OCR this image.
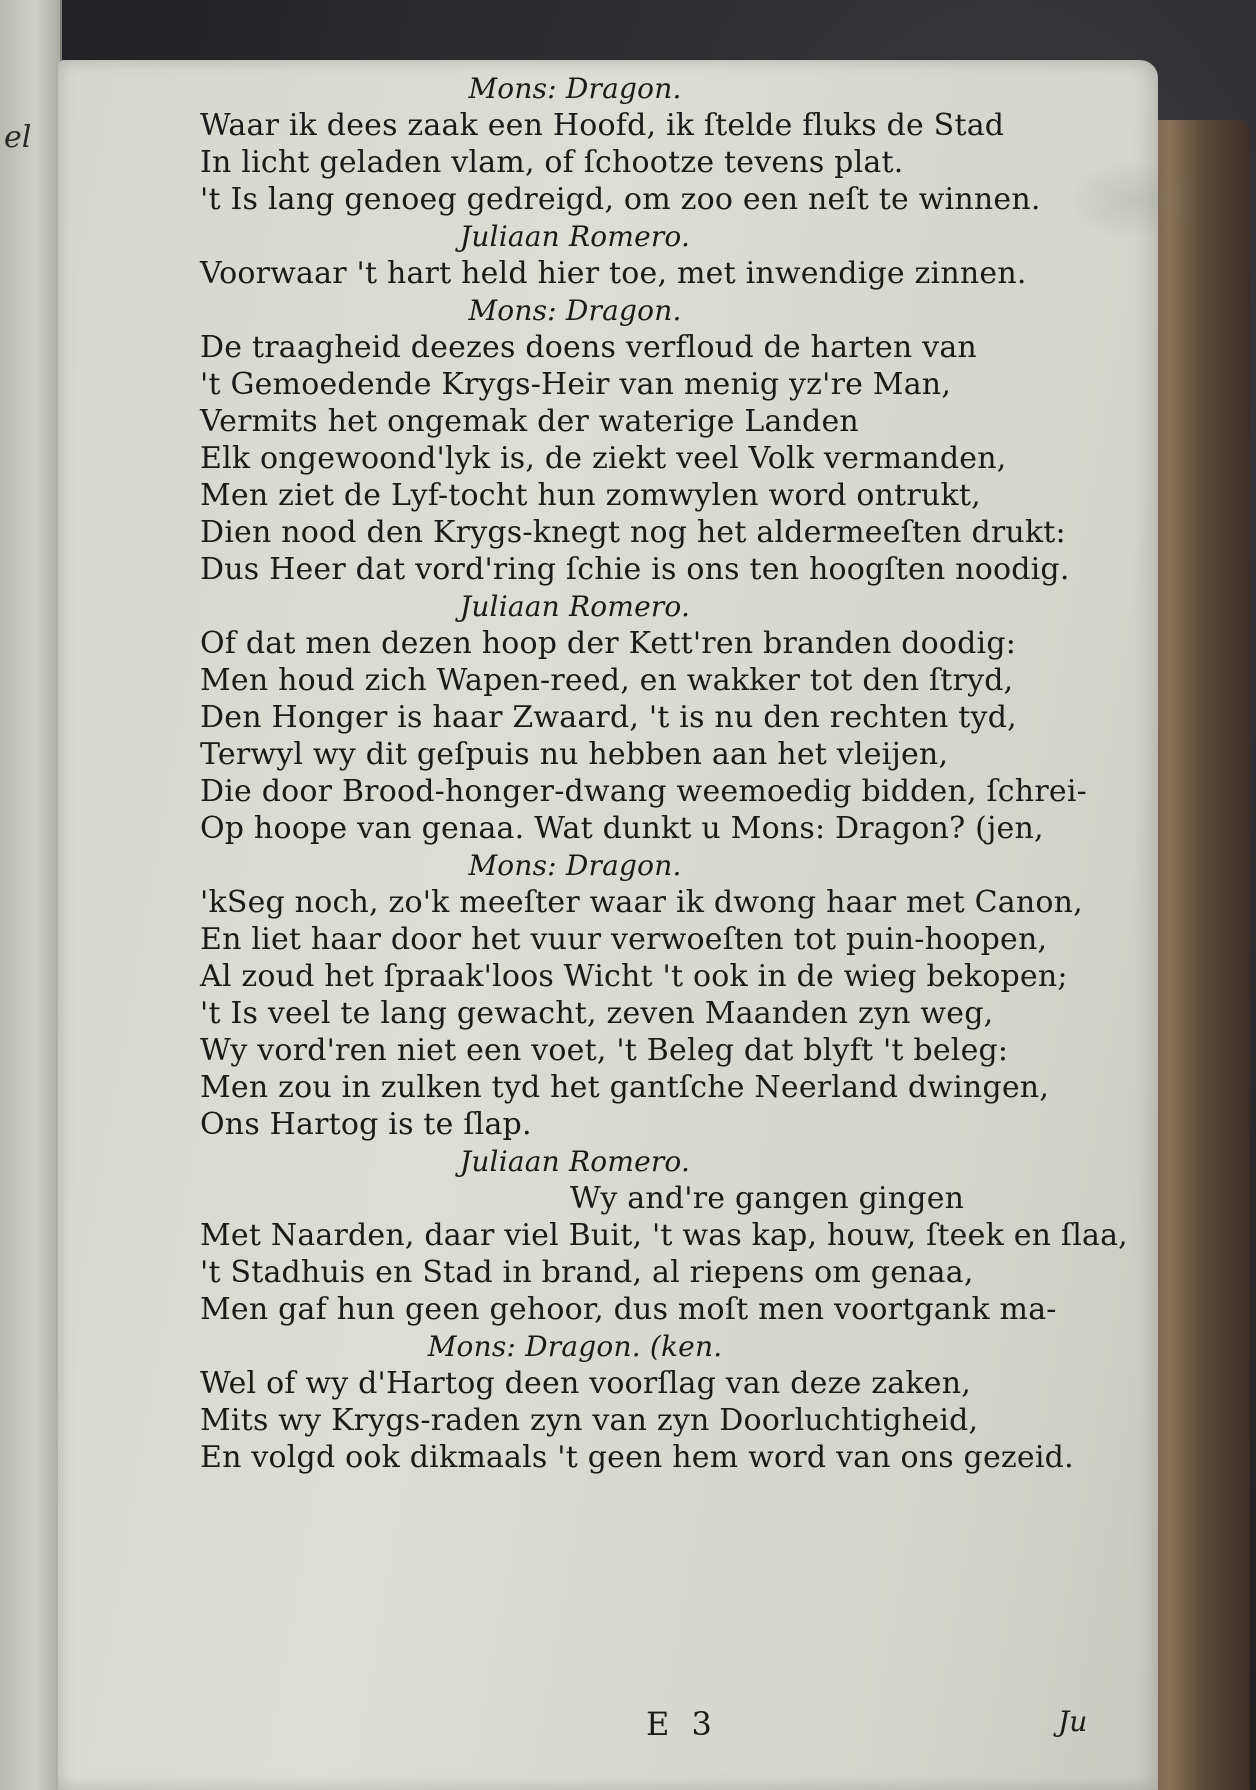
el
Mons: Dragon.
Waar ik dees zaak een Hoofd, ik ſtelde fluks de Stad
In licht geladen vlam, of ſchootze tevens plat.
't Is lang genoeg gedreigd, om zoo een neſt te winnen.
Juliaan Romero.
Voorwaar 't hart held hier toe, met inwendige zinnen.
Mons: Dragon.
De traagheid deezes doens verfloud de harten van
't Gemoedende Krygs-Heir van menig yz're Man,
Vermits het ongemak der waterige Landen
Elk ongewoond'lyk is, de ziekt veel Volk vermanden,
Men ziet de Lyf-tocht hun zomwylen word ontrukt,
Dien nood den Krygs-knegt nog het aldermeeſten drukt:
Dus Heer dat vord'ring ſchie is ons ten hoogſten noodig.
Juliaan Romero.
Of dat men dezen hoop der Kett'ren branden doodig:
Men houd zich Wapen-reed, en wakker tot den ſtryd,
Den Honger is haar Zwaard, 't is nu den rechten tyd,
Terwyl wy dit geſpuis nu hebben aan het vleijen,
Die door Brood-honger-dwang weemoedig bidden, ſchrei-
Op hoope van genaa. Wat dunkt u Mons: Dragon? (jen,
Mons: Dragon.
'kSeg noch, zo'k meeſter waar ik dwong haar met Canon,
En liet haar door het vuur verwoeſten tot puin-hoopen,
Al zoud het ſpraak'loos Wicht 't ook in de wieg bekopen;
't Is veel te lang gewacht, zeven Maanden zyn weg,
Wy vord'ren niet een voet, 't Beleg dat blyft 't beleg:
Men zou in zulken tyd het gantſche Neerland dwingen,
Ons Hartog is te ſlap.
Juliaan Romero.
Wy and're gangen gingen
Met Naarden, daar viel Buit, 't was kap, houw, ſteek en ſlaa,
't Stadhuis en Stad in brand, al riepens om genaa,
Men gaf hun geen gehoor, dus moſt men voortgank ma-
Mons: Dragon. (ken.
Wel of wy d'Hartog deen voorſlag van deze zaken,
Mits wy Krygs-raden zyn van zyn Doorluchtigheid,
En volgd ook dikmaals 't geen hem word van ons gezeid.
E 3	Ju
